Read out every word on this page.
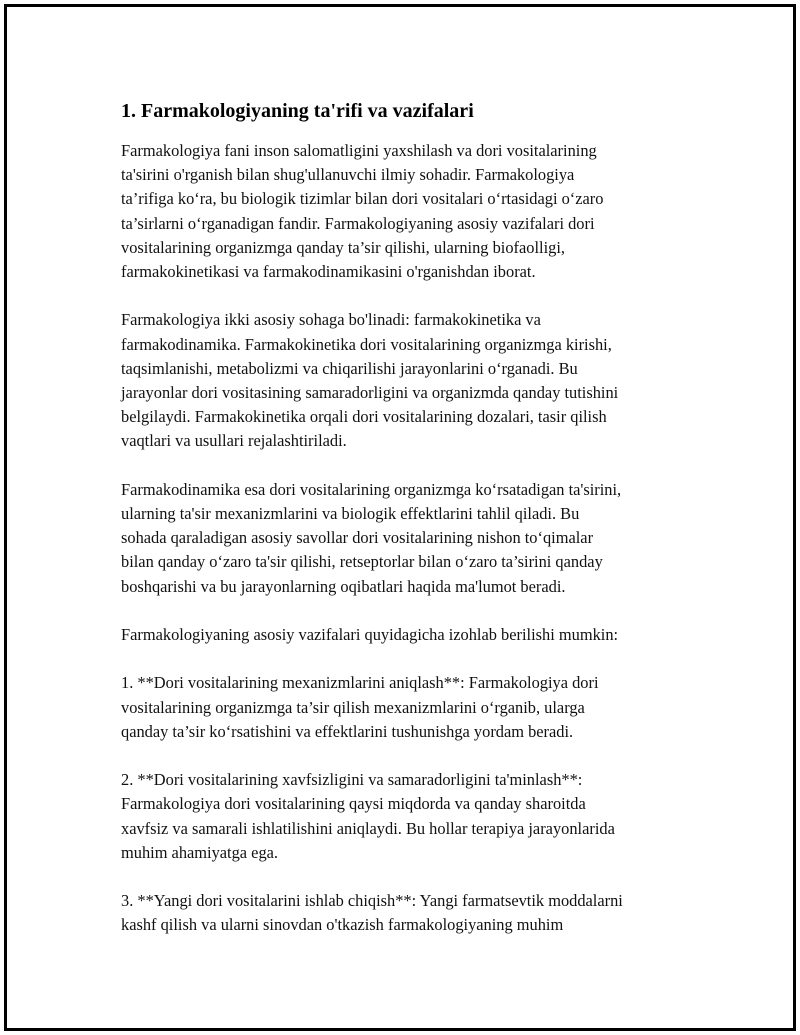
1. Farmakologiyaning ta'rifi va vazifalari

Farmakologiya fani inson salomatligini yaxshilash va dori vositalarining
ta'sirini o'rganish bilan shug'ullanuvchi ilmiy sohadir. Farmakologiya
ta’rifiga ko‘ra, bu biologik tizimlar bilan dori vositalari o‘rtasidagi o‘zaro
ta’sirlarni o‘rganadigan fandir. Farmakologiyaning asosiy vazifalari dori
vositalarining organizmga qanday ta’sir qilishi, ularning biofaolligi,
farmakokinetikasi va farmakodinamikasini o'rganishdan iborat.

Farmakologiya ikki asosiy sohaga bo'linadi: farmakokinetika va
farmakodinamika. Farmakokinetika dori vositalarining organizmga kirishi,
taqsimlanishi, metabolizmi va chiqarilishi jarayonlarini o‘rganadi. Bu
jarayonlar dori vositasining samaradorligini va organizmda qanday tutishini
belgilaydi. Farmakokinetika orqali dori vositalarining dozalari, tasir qilish
vaqtlari va usullari rejalashtiriladi.

Farmakodinamika esa dori vositalarining organizmga ko‘rsatadigan ta'sirini,
ularning ta'sir mexanizmlarini va biologik effektlarini tahlil qiladi. Bu
sohada qaraladigan asosiy savollar dori vositalarining nishon to‘qimalar
bilan qanday o‘zaro ta'sir qilishi, retseptorlar bilan o‘zaro ta’sirini qanday
boshqarishi va bu jarayonlarning oqibatlari haqida ma'lumot beradi.

Farmakologiyaning asosiy vazifalari quyidagicha izohlab berilishi mumkin:

1. **Dori vositalarining mexanizmlarini aniqlash**: Farmakologiya dori
vositalarining organizmga ta’sir qilish mexanizmlarini o‘rganib, ularga
qanday ta’sir ko‘rsatishini va effektlarini tushunishga yordam beradi.

2. **Dori vositalarining xavfsizligini va samaradorligini ta'minlash**:
Farmakologiya dori vositalarining qaysi miqdorda va qanday sharoitda
xavfsiz va samarali ishlatilishini aniqlaydi. Bu hollar terapiya jarayonlarida
muhim ahamiyatga ega.

3. **Yangi dori vositalarini ishlab chiqish**: Yangi farmatsevtik moddalarni
kashf qilish va ularni sinovdan o'tkazish farmakologiyaning muhim
